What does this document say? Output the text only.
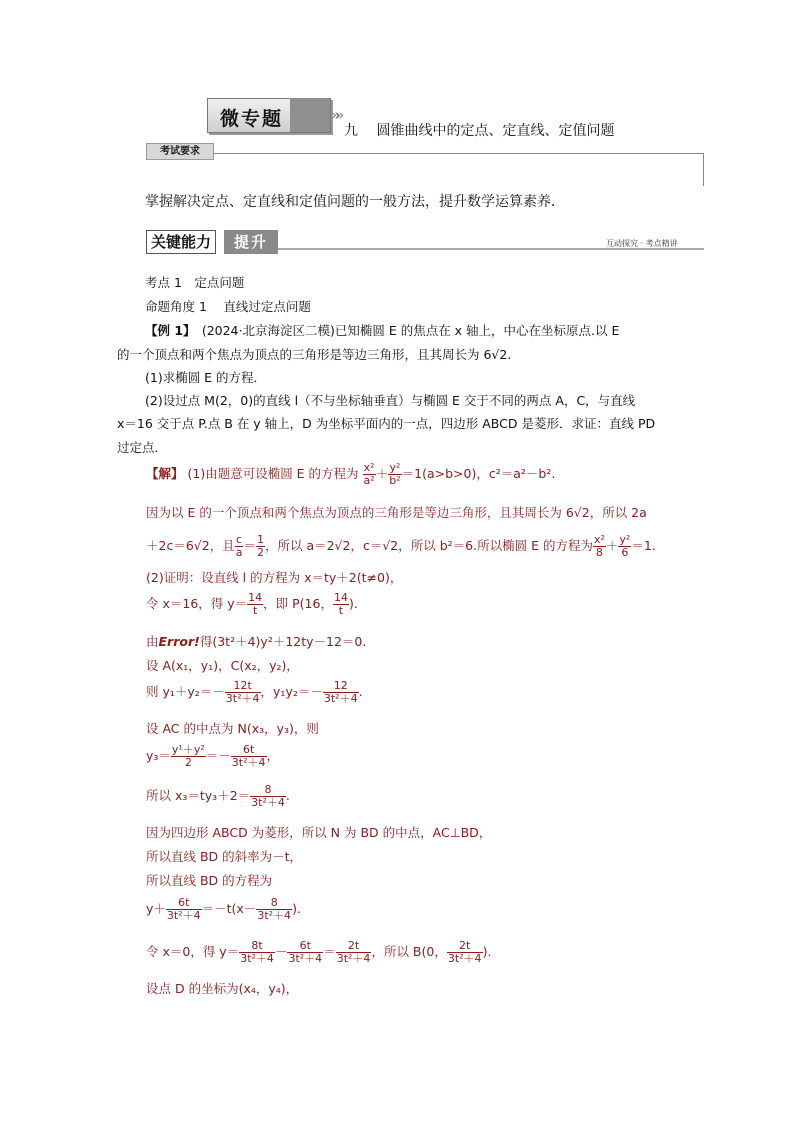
微专题	»»
九　 圆锥曲线中的定点、定直线、定值问题
考试要求
掌握解决定点、定直线和定值问题的一般方法，提升数学运算素养．
关键能力	提升	互动探究 · 考点精讲
考点 1　定点问题
命题角度 1　 直线过定点问题
【例 1】　(2024·北京海淀区二模)已知椭圆 E 的焦点在 x 轴上，中心在坐标原点.以 E
的一个顶点和两个焦点为顶点的三角形是等边三角形，且其周长为 6√2.
(1)求椭圆 E 的方程．
(2)设过点 M(2，0)的直线 l（不与坐标轴垂直）与椭圆 E 交于不同的两点 A，C，与直线
x＝16 交于点 P.点 B 在 y 轴上，D 为坐标平面内的一点，四边形 ABCD 是菱形．求证：直线 PD
过定点．
【解】 (1)由题意可设椭圆 E 的方程为 $\frac{\text{x²}}{\text{a²}} + \frac{\text{y²}}{\text{b²}} =1(a>b>0)$，c²＝a²－b².
因为以 E 的一个顶点和两个焦点为顶点的三角形是等边三角形，且其周长为 6√2，所以 2a
＋2c＝6√2，且 $\frac{c}{a} = \frac{1}{2}$ ，所以 a＝2√2，c＝√2，所以 b²＝6.所以椭圆 E 的方程为 $\frac{\text{x²}}{8} + \frac{\text{y²}}{6} =1$.
(2)证明：设直线 l 的方程为 x＝ty＋2(t≠0)，
令 x＝16，得 $y= \frac{14}{t}$ ，即 P(16， $\frac{14}{t}$ ).
由Error!得(3t²＋4)y²＋12ty－12＝0.
设 A(x₁，y₁)，C(x₂，y₂)，
则 $y_1+y_2=- \frac{12t}{\text{3t²＋4}}$ ，$y_1y_2=- \frac{12}{\text{3t²＋4}}$ .
设 AC 的中点为 N(x₃，y₃)，则
$y_3= \frac{\text{y¹＋y²}}{2} =- \frac{6t}{\text{3t²＋4}}$ ，
所以 $x_3=ty_3+2= \frac{8}{\text{3t²＋4}}$ .
因为四边形 ABCD 为菱形，所以 N 为 BD 的中点，AC⊥BD，
所以直线 BD 的斜率为－t，
所以直线 BD 的方程为
$y+ \frac{6t}{\text{3t²＋4}} =-t(x- \frac{8}{\text{3t²＋4}}$ ).
令 x＝0，得 $y= \frac{8t}{\text{3t²＋4}} - \frac{6t}{\text{3t²＋4}} = \frac{2t}{\text{3t²＋4}}$ ，所以 B(0， $\frac{2t}{\text{3t²＋4}}$ ).
设点 D 的坐标为(x₄，y₄)，
